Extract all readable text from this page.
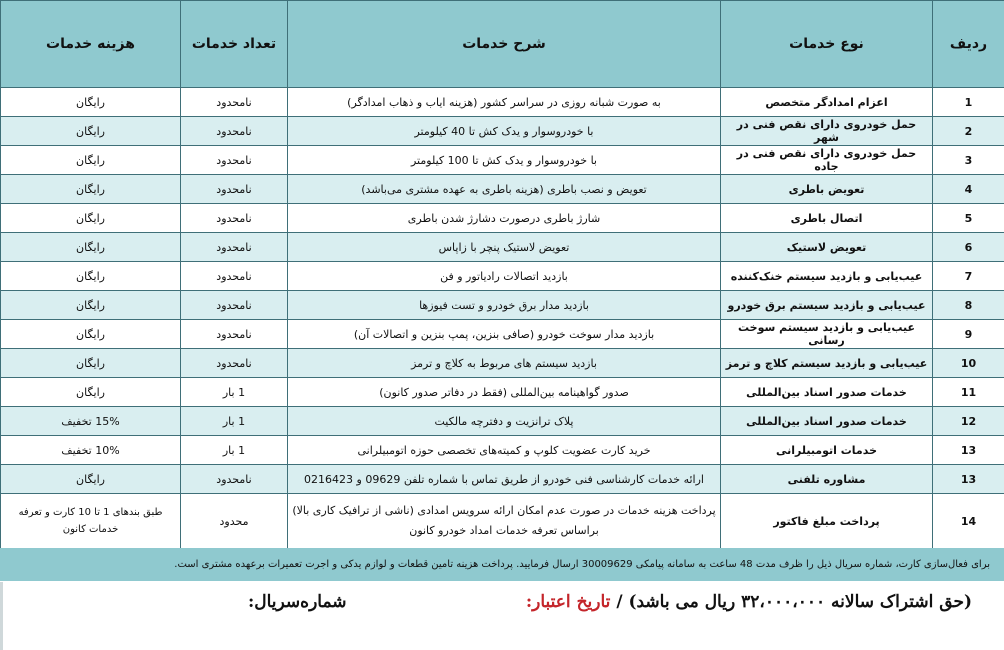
ردیف	نوع خدمات	شرح خدمات	تعداد خدمات	هزینه خدمات
1	اعزام امدادگر متخصص	به صورت شبانه روزی در سراسر کشور (هزینه ایاب و ذهاب امدادگر)	نامحدود	رایگان
2	حمل خودروی دارای نقص فنی در شهر	با خودروسوار و یدک کش تا 40 کیلومتر	نامحدود	رایگان
3	حمل خودروی دارای نقص فنی در جاده	با خودروسوار و یدک کش تا 100 کیلومتر	نامحدود	رایگان
4	تعویض باطری	تعویض و نصب باطری (هزینه باطری به عهده مشتری می‌باشد)	نامحدود	رایگان
5	اتصال باطری	شارژ باطری درصورت دشارژ شدن باطری	نامحدود	رایگان
6	تعویض لاستیک	تعویض لاستیک پنچر با زاپاس	نامحدود	رایگان
7	عیب‌یابی و بازدید سیستم خنک‌کننده	بازدید اتصالات رادیاتور و فن	نامحدود	رایگان
8	عیب‌یابی و بازدید سیستم برق خودرو	بازدید مدار برق خودرو و تست فیوزها	نامحدود	رایگان
9	عیب‌یابی و بازدید سیستم سوخت رسانی	بازدید مدار سوخت خودرو (صافی بنزین، پمپ بنزین و اتصالات آن)	نامحدود	رایگان
10	عیب‌یابی و بازدید سیستم کلاچ و ترمز	بازدید سیستم های مربوط به کلاچ و ترمز	نامحدود	رایگان
11	خدمات صدور اسناد بین‌المللی	صدور گواهینامه بین‌المللی (فقط در دفاتر صدور کانون)	1 بار	رایگان
12	خدمات صدور اسناد بین‌المللی	پلاک ترانزیت و دفترچه مالکیت	1 بار	15% تخفیف
13	خدمات اتومبیلرانی	خرید کارت عضویت کلوپ و کمیته‌های تخصصی حوزه اتومبیلرانی	1 بار	10% تخفیف
13	مشاوره تلفنی	ارائه خدمات کارشناسی فنی خودرو از طریق تماس با شماره تلفن 09629 و 0216423	نامحدود	رایگان
14	پرداخت مبلغ فاکتور	پرداخت هزینه خدمات در صورت عدم امکان ارائه سرویس امدادی (ناشی از ترافیک کاری بالا) براساس تعرفه خدمات امداد خودرو کانون	محدود	طبق بندهای 1 تا 10 کارت و تعرفه خدمات کانون
برای فعال‌سازی کارت، شماره سریال ذیل را ظرف مدت 48 ساعت به سامانه پیامکی 30009629 ارسال فرمایید. پرداخت هزینه تامین قطعات و لوازم یدکی و اجرت تعمیرات برعهده مشتری است.
(حق اشتراک سالانه ۳۲،۰۰۰،۰۰۰ ریال می باشد) / تاریخ اعتبار:
شماره‌سریال:
